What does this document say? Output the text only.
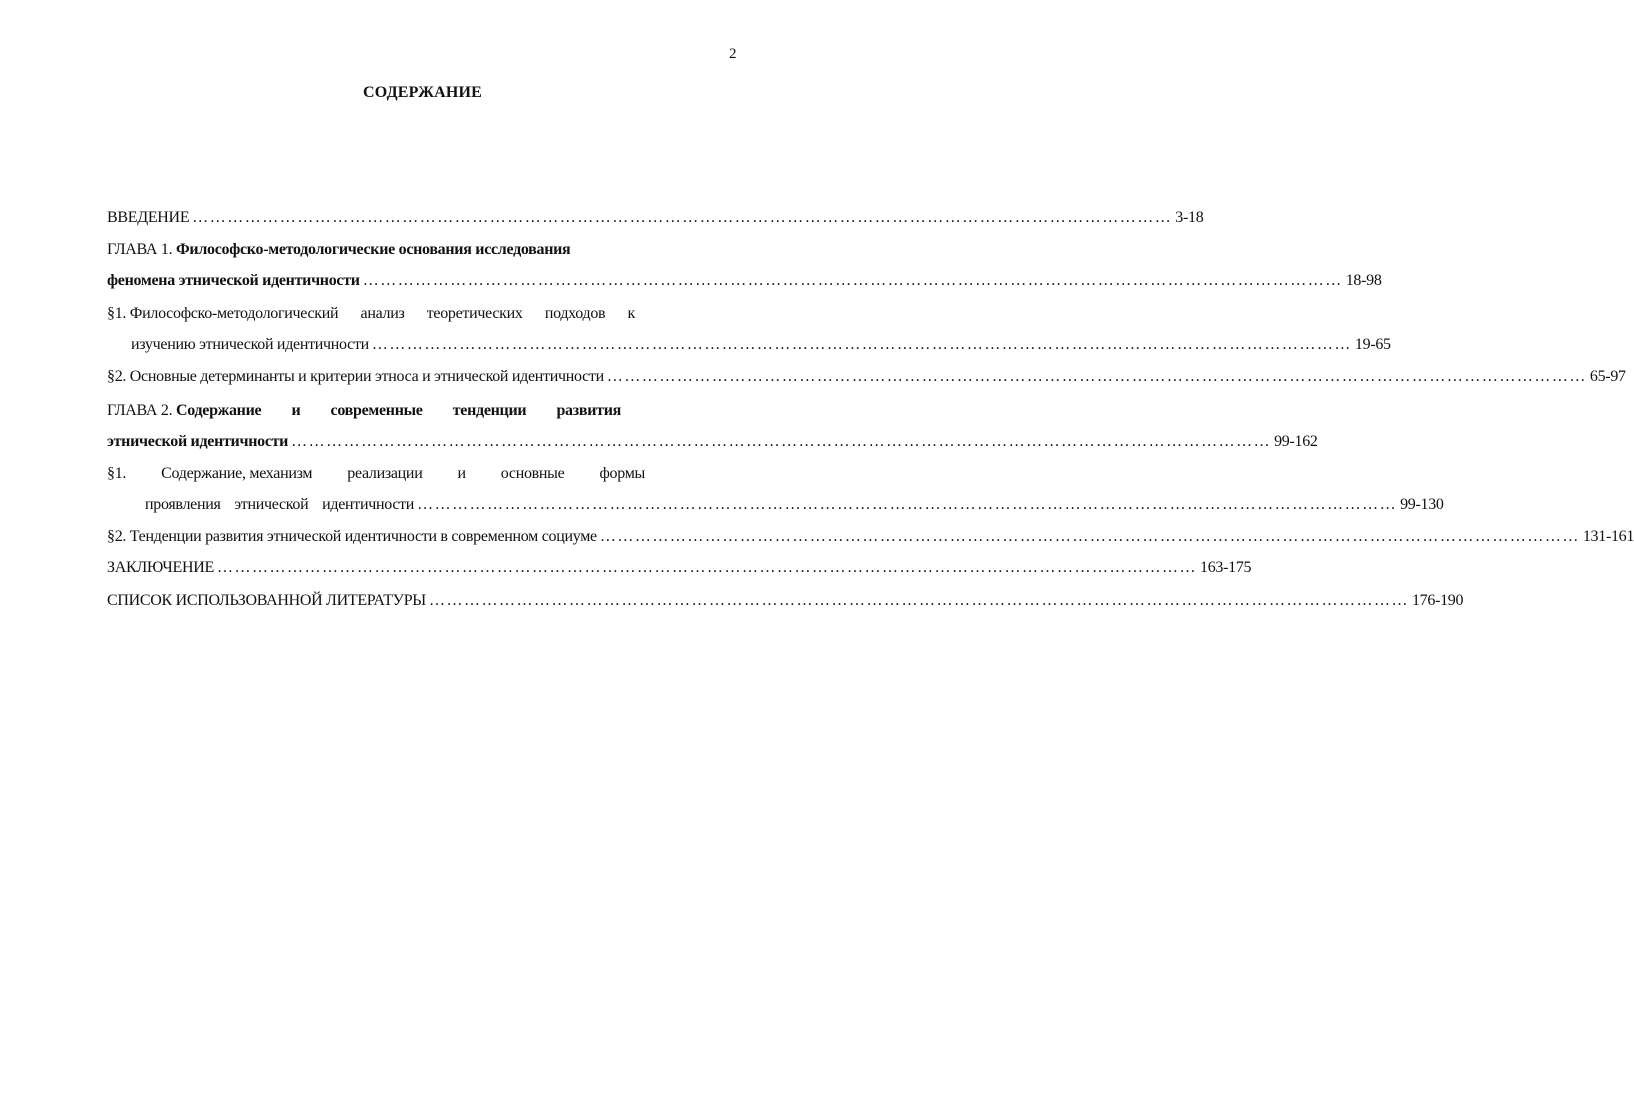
2
СОДЕРЖАНИЕ
ВВЕДЕНИЕ …………………………………………………………………………………………………………………………………………………… 3-18
ГЛАВА 1. Философско-методологические основания исследования
феномена этнической идентичности …………………………………………………………………………………………………………………………………………………… 18-98
§1. Философско-методологический анализ теоретических подходов к
изучению этнической идентичности …………………………………………………………………………………………………………………………………………………… 19-65
§2. Основные детерминанты и критерии этноса и этнической идентичности …………………………………………………………………………………………………………………………………………………… 65-97
ГЛАВА 2. Содержание и современные тенденции развития
этнической идентичности …………………………………………………………………………………………………………………………………………………… 99-162
§1. Содержание, механизм реализации и основные формы
проявления этнической идентичности …………………………………………………………………………………………………………………………………………………… 99-130
§2. Тенденции развития этнической идентичности в современном социуме …………………………………………………………………………………………………………………………………………………… 131-161
ЗАКЛЮЧЕНИЕ …………………………………………………………………………………………………………………………………………………… 163-175
СПИСОК ИСПОЛЬЗОВАННОЙ ЛИТЕРАТУРЫ …………………………………………………………………………………………………………………………………………………… 176-190
